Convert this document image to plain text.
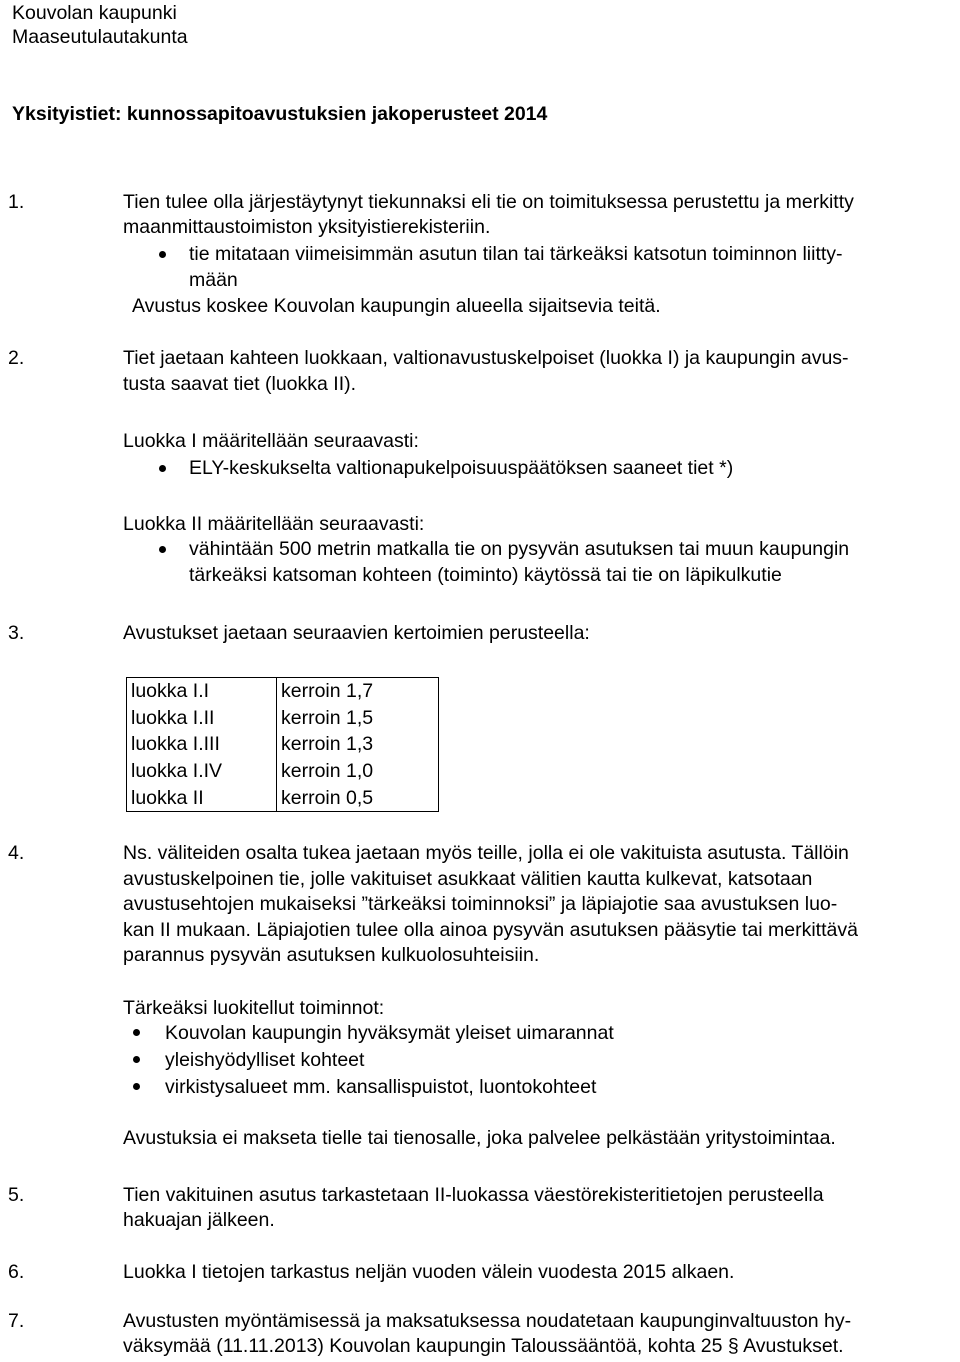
Kouvolan kaupunki
Maaseutulautakunta
Yksityistiet: kunnossapitoavustuksien jakoperusteet 2014
1.	Tien tulee olla järjestäytynyt tiekunnaksi eli tie on toimituksessa perustettu ja merkitty
maanmittaustoimiston yksityistierekisteriin.
tie mitataan viimeisimmän asutun tilan tai tärkeäksi katsotun toiminnon liitty-
mään
Avustus koskee Kouvolan kaupungin alueella sijaitsevia teitä.
2.	Tiet jaetaan kahteen luokkaan, valtionavustuskelpoiset (luokka I) ja kaupungin avus-
tusta saavat tiet (luokka II).
Luokka I määritellään seuraavasti:
ELY-keskukselta valtionapukelpoisuuspäätöksen saaneet tiet *)
Luokka II määritellään seuraavasti:
vähintään 500 metrin matkalla tie on pysyvän asutuksen tai muun kaupungin
tärkeäksi katsoman kohteen (toiminto) käytössä tai tie on läpikulkutie
3.	Avustukset jaetaan seuraavien kertoimien perusteella:
luokka I.I	kerroin 1,7
luokka I.II	kerroin 1,5
luokka I.III	kerroin 1,3
luokka I.IV	kerroin 1,0
luokka II	kerroin 0,5
4.	Ns. väliteiden osalta tukea jaetaan myös teille, jolla ei ole vakituista asutusta. Tällöin
avustuskelpoinen tie, jolle vakituiset asukkaat välitien kautta kulkevat, katsotaan
avustusehtojen mukaiseksi ”tärkeäksi toiminnoksi” ja läpiajotie saa avustuksen luo-
kan II mukaan. Läpiajotien tulee olla ainoa pysyvän asutuksen pääsytie tai merkittävä
parannus pysyvän asutuksen kulkuolosuhteisiin.
Tärkeäksi luokitellut toiminnot:
Kouvolan kaupungin hyväksymät yleiset uimarannat
yleishyödylliset kohteet
virkistysalueet mm. kansallispuistot, luontokohteet
Avustuksia ei makseta tielle tai tienosalle, joka palvelee pelkästään yritystoimintaa.
5.	Tien vakituinen asutus tarkastetaan II-luokassa väestörekisteritietojen perusteella
hakuajan jälkeen.
6.	Luokka I tietojen tarkastus neljän vuoden välein vuodesta 2015 alkaen.
7.	Avustusten myöntämisessä ja maksatuksessa noudatetaan kaupunginvaltuuston hy-
väksymää (11.11.2013) Kouvolan kaupungin Taloussääntöä, kohta 25 § Avustukset.
